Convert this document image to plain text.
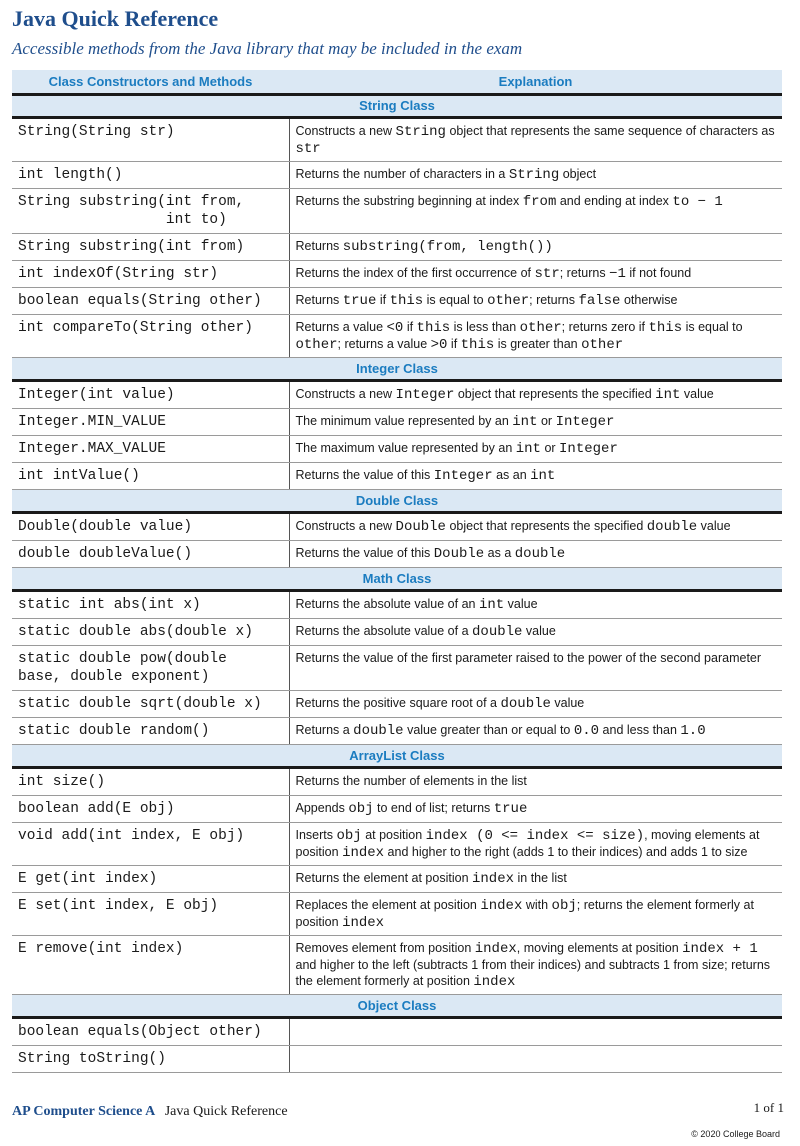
Java Quick Reference
Accessible methods from the Java library that may be included in the exam
Class Constructors and Methods	Explanation
String Class	
String(String str)	Constructs a new String object that represents the same sequence of characters as str
int length()	Returns the number of characters in a String object
String substring(int from,
int to)	Returns the substring beginning at index from and ending at index to − 1
String substring(int from)	Returns substring(from, length())
int indexOf(String str)	Returns the index of the first occurrence of str; returns −1 if not found
boolean equals(String other)	Returns true if this is equal to other; returns false otherwise
int compareTo(String other)	Returns a value <0 if this is less than other; returns zero if this is equal to other; returns a value >0 if this is greater than other
Integer Class	
Integer(int value)	Constructs a new Integer object that represents the specified int value
Integer.MIN_VALUE	The minimum value represented by an int or Integer
Integer.MAX_VALUE	The maximum value represented by an int or Integer
int intValue()	Returns the value of this Integer as an int
Double Class	
Double(double value)	Constructs a new Double object that represents the specified double value
double doubleValue()	Returns the value of this Double as a double
Math Class	
static int abs(int x)	Returns the absolute value of an int value
static double abs(double x)	Returns the absolute value of a double value
static double pow(double
base, double exponent)	Returns the value of the first parameter raised to the power of the second parameter
static double sqrt(double x)	Returns the positive square root of a double value
static double random()	Returns a double value greater than or equal to 0.0 and less than 1.0
ArrayList Class	
int size()	Returns the number of elements in the list
boolean add(E obj)	Appends obj to end of list; returns true
void add(int index, E obj)	Inserts obj at position index (0 <= index <= size), moving elements at position index and higher to the right (adds 1 to their indices) and adds 1 to size
E get(int index)	Returns the element at position index in the list
E set(int index, E obj)	Replaces the element at position index with obj; returns the element formerly at position index
E remove(int index)	Removes element from position index, moving elements at position index + 1 and higher to the left (subtracts 1 from their indices) and subtracts 1 from size; returns the element formerly at position index
Object Class	
boolean equals(Object other)	
String toString()	
AP Computer Science A Java Quick Reference	1 of 1
© 2020 College Board
